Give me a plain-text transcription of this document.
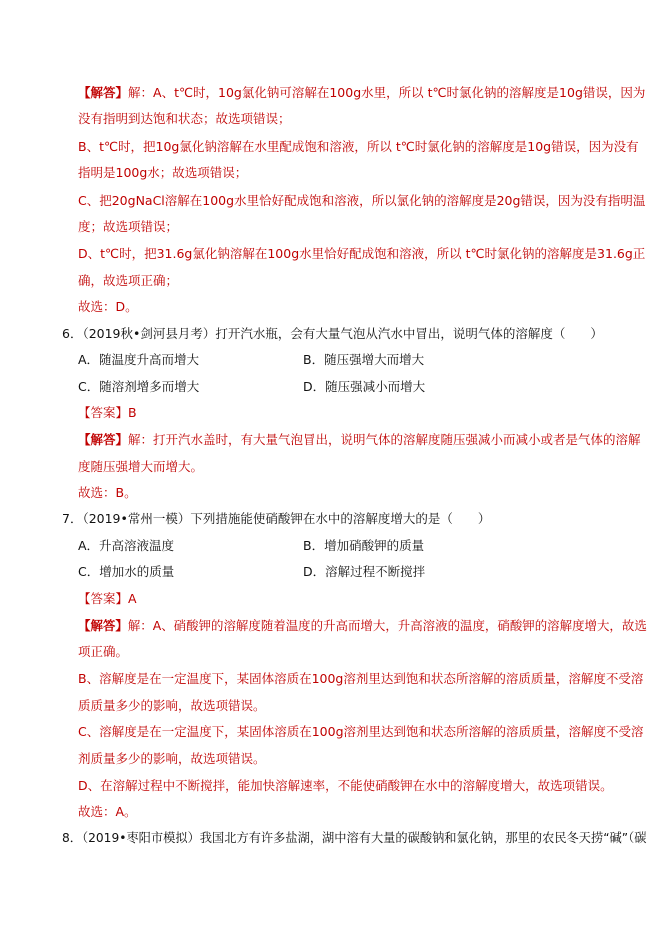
【解答】解：A、t℃时，10g氯化钠可溶解在100g水里，所以 t℃时氯化钠的溶解度是10g错误，因为
没有指明到达饱和状态；故选项错误；
B、t℃时，把10g氯化钠溶解在水里配成饱和溶液，所以 t℃时氯化钠的溶解度是10g错误，因为没有
指明是100g水；故选项错误；
C、把20gNaCl溶解在100g水里恰好配成饱和溶液，所以氯化钠的溶解度是20g错误，因为没有指明温
度；故选项错误；
D、t℃时，把31.6g氯化钠溶解在100g水里恰好配成饱和溶液，所以 t℃时氯化钠的溶解度是31.6g正
确，故选项正确；
故选：D。
6．（2019秋•剑河县月考）打开汽水瓶，会有大量气泡从汽水中冒出，说明气体的溶解度（　　）
A．随温度升高而增大	B．随压强增大而增大
C．随溶剂增多而增大	D．随压强减小而增大
【答案】B
【解答】解：打开汽水盖时，有大量气泡冒出，说明气体的溶解度随压强减小而减小或者是气体的溶解
度随压强增大而增大。
故选：B。
7．（2019•常州一模）下列措施能使硝酸钾在水中的溶解度增大的是（　　）
A．升高溶液温度	B．增加硝酸钾的质量
C．增加水的质量	D．溶解过程不断搅拌
【答案】A
【解答】解：A、硝酸钾的溶解度随着温度的升高而增大，升高溶液的温度，硝酸钾的溶解度增大，故选
项正确。
B、溶解度是在一定温度下，某固体溶质在100g溶剂里达到饱和状态所溶解的溶质质量，溶解度不受溶
质质量多少的影响，故选项错误。
C、溶解度是在一定温度下，某固体溶质在100g溶剂里达到饱和状态所溶解的溶质质量，溶解度不受溶
剂质量多少的影响，故选项错误。
D、在溶解过程中不断搅拌，能加快溶解速率，不能使硝酸钾在水中的溶解度增大，故选项错误。
故选：A。
8．（2019•枣阳市模拟）我国北方有许多盐湖，湖中溶有大量的碳酸钠和氯化钠，那里的农民冬天捞“碱”（碳
